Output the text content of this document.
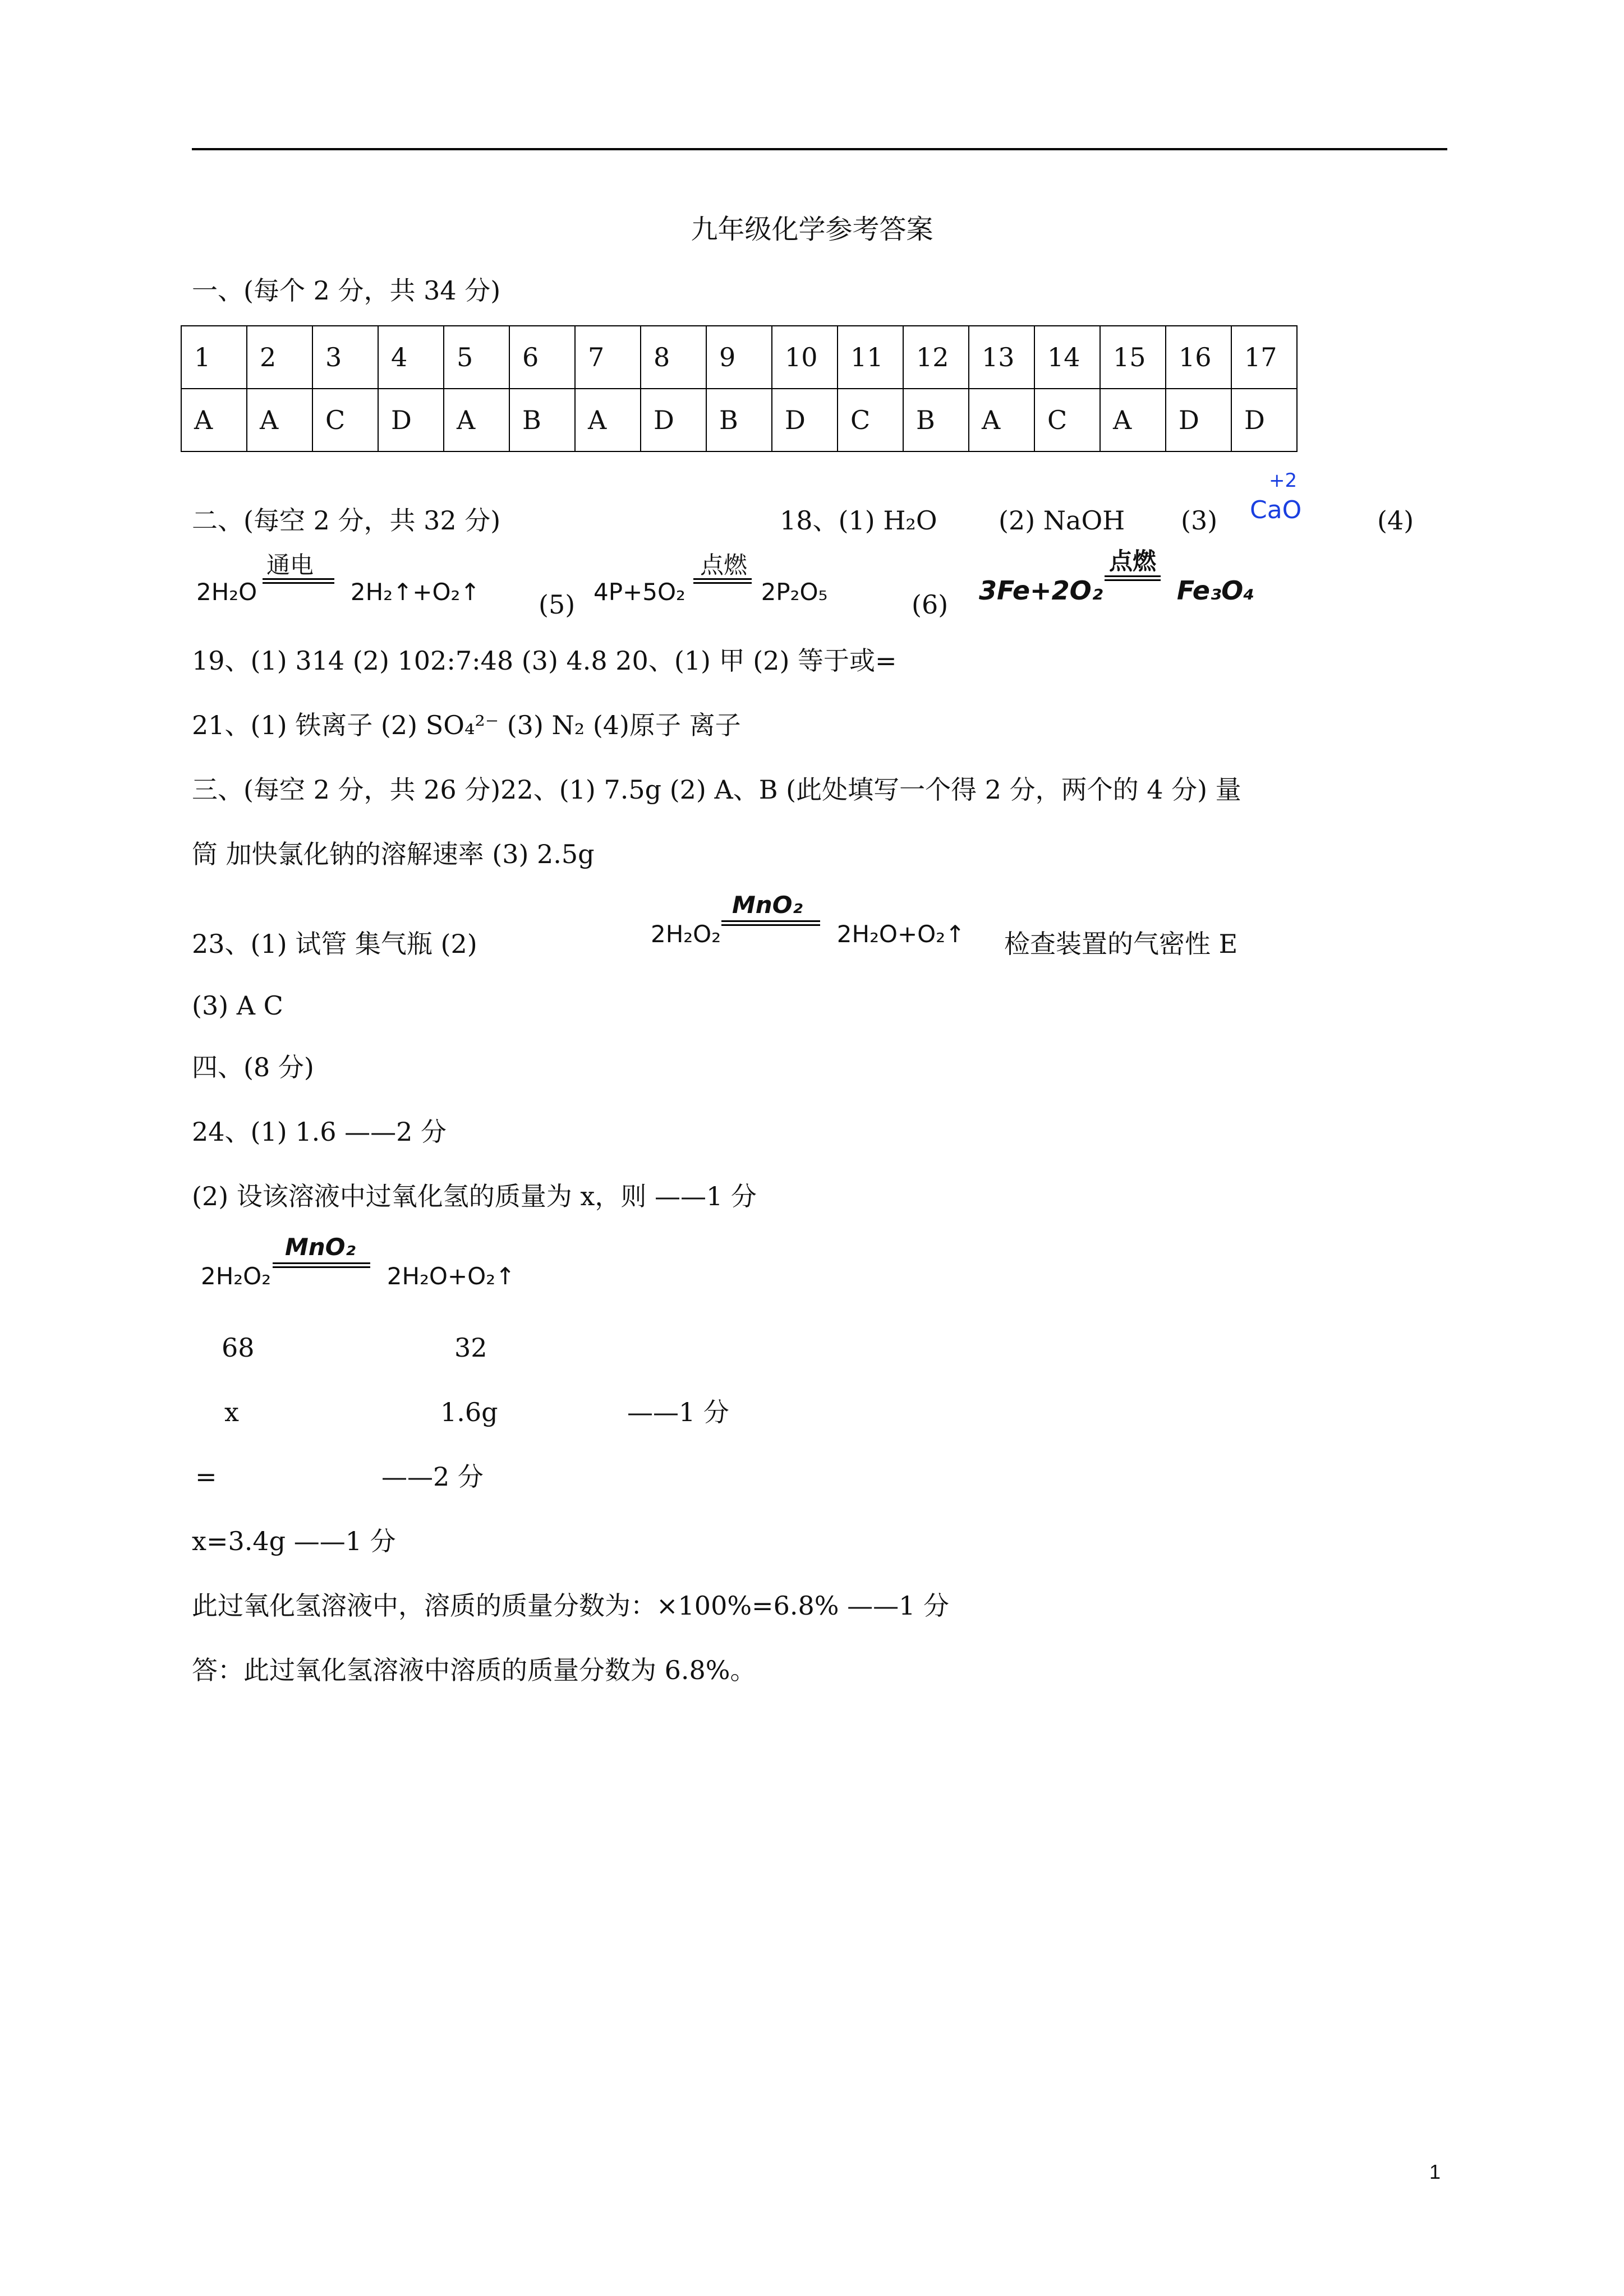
九年级化学参考答案
一、(每个 2 分，共 34 分)
1	2	3	4	5	6	7	8	9	10	11	12	13	14	15	16	17
A	A	C	D	A	B	A	D	B	D	C	B	A	C	A	D	D
二、(每空 2 分，共 32 分)	18、(1) H₂O (2) NaOH (3)
+2
CaO	(4)
2H₂O	2H₂↑+O₂↑
通电
(5) 4P+5O₂	2P₂O₅
点燃
(6) 3Fe+2O₂	Fe₃O₄
点燃
19、(1) 314 (2) 102:7:48 (3) 4.8 20、(1) 甲 (2) 等于或=
21、(1) 铁离子 (2) SO₄²⁻ (3) N₂ (4)原子 离子
三、(每空 2 分，共 26 分)22、(1) 7.5g (2) A、B (此处填写一个得 2 分，两个的 4 分) 量
筒 加快氯化钠的溶解速率 (3) 2.5g
23、(1) 试管 集气瓶 (2)	2H₂O₂	2H₂O+O₂↑
MnO₂
检查装置的气密性 E
(3) A C
四、(8 分)
24、(1) 1.6 ——2 分
(2) 设该溶液中过氧化氢的质量为 x，则 ——1 分
2H₂O₂	2H₂O+O₂↑
MnO₂
68	32
x	1.6g	——1 分
=	——2 分
x=3.4g ——1 分
此过氧化氢溶液中，溶质的质量分数为：×100%=6.8% ——1 分
答：此过氧化氢溶液中溶质的质量分数为 6.8%。
1
